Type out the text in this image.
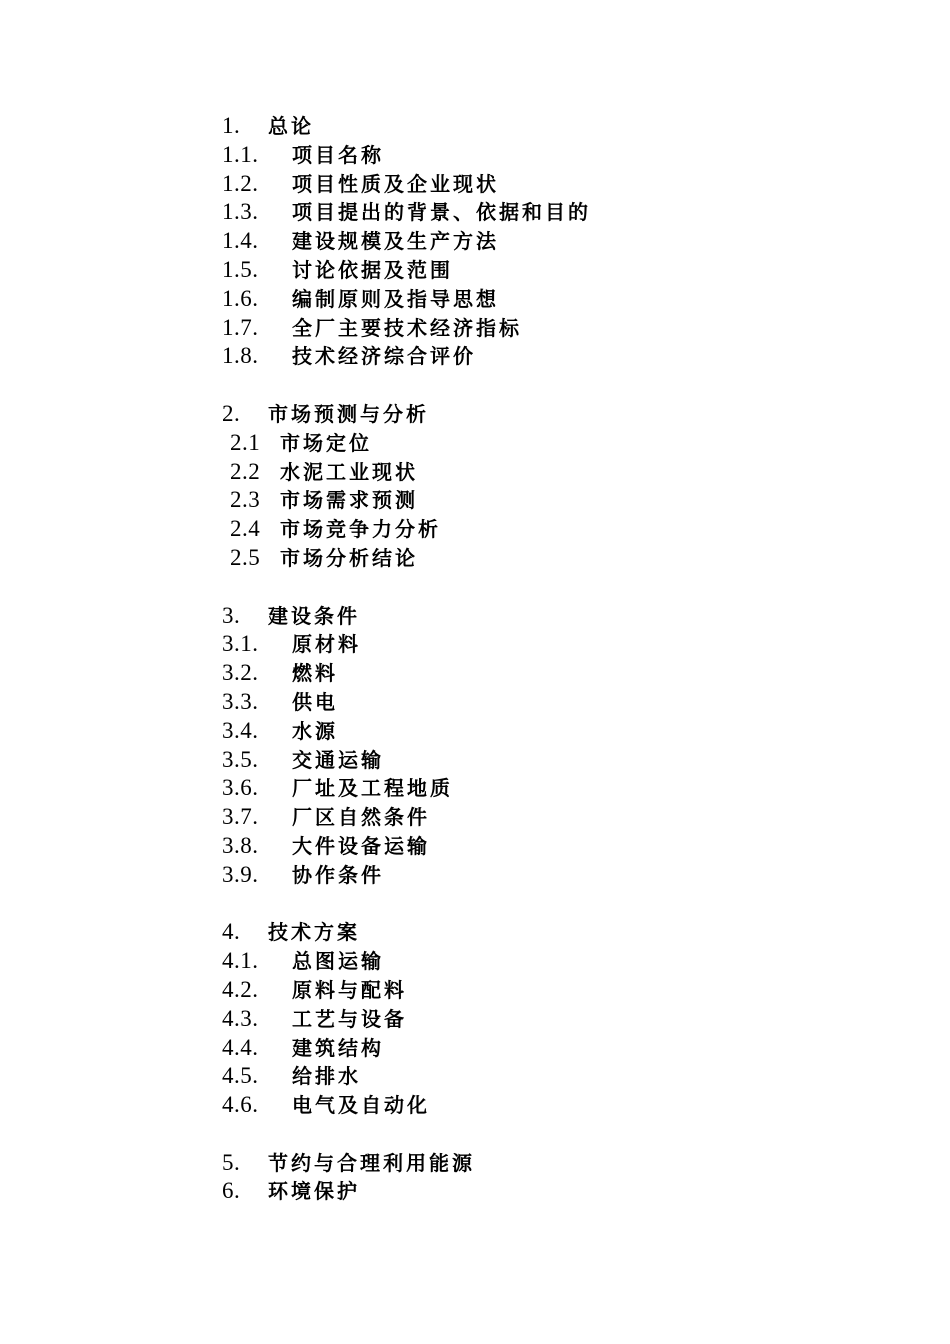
1. 总论
1.1. 项目名称
1.2. 项目性质及企业现状
1.3. 项目提出的背景、依据和目的
1.4. 建设规模及生产方法
1.5. 讨论依据及范围
1.6. 编制原则及指导思想
1.7. 全厂主要技术经济指标
1.8. 技术经济综合评价
2. 市场预测与分析
2.1 市场定位
2.2 水泥工业现状
2.3 市场需求预测
2.4 市场竞争力分析
2.5 市场分析结论
3. 建设条件
3.1. 原材料
3.2. 燃料
3.3. 供电
3.4. 水源
3.5. 交通运输
3.6. 厂址及工程地质
3.7. 厂区自然条件
3.8. 大件设备运输
3.9. 协作条件
4. 技术方案
4.1. 总图运输
4.2. 原料与配料
4.3. 工艺与设备
4.4. 建筑结构
4.5. 给排水
4.6. 电气及自动化
5. 节约与合理利用能源
6. 环境保护
